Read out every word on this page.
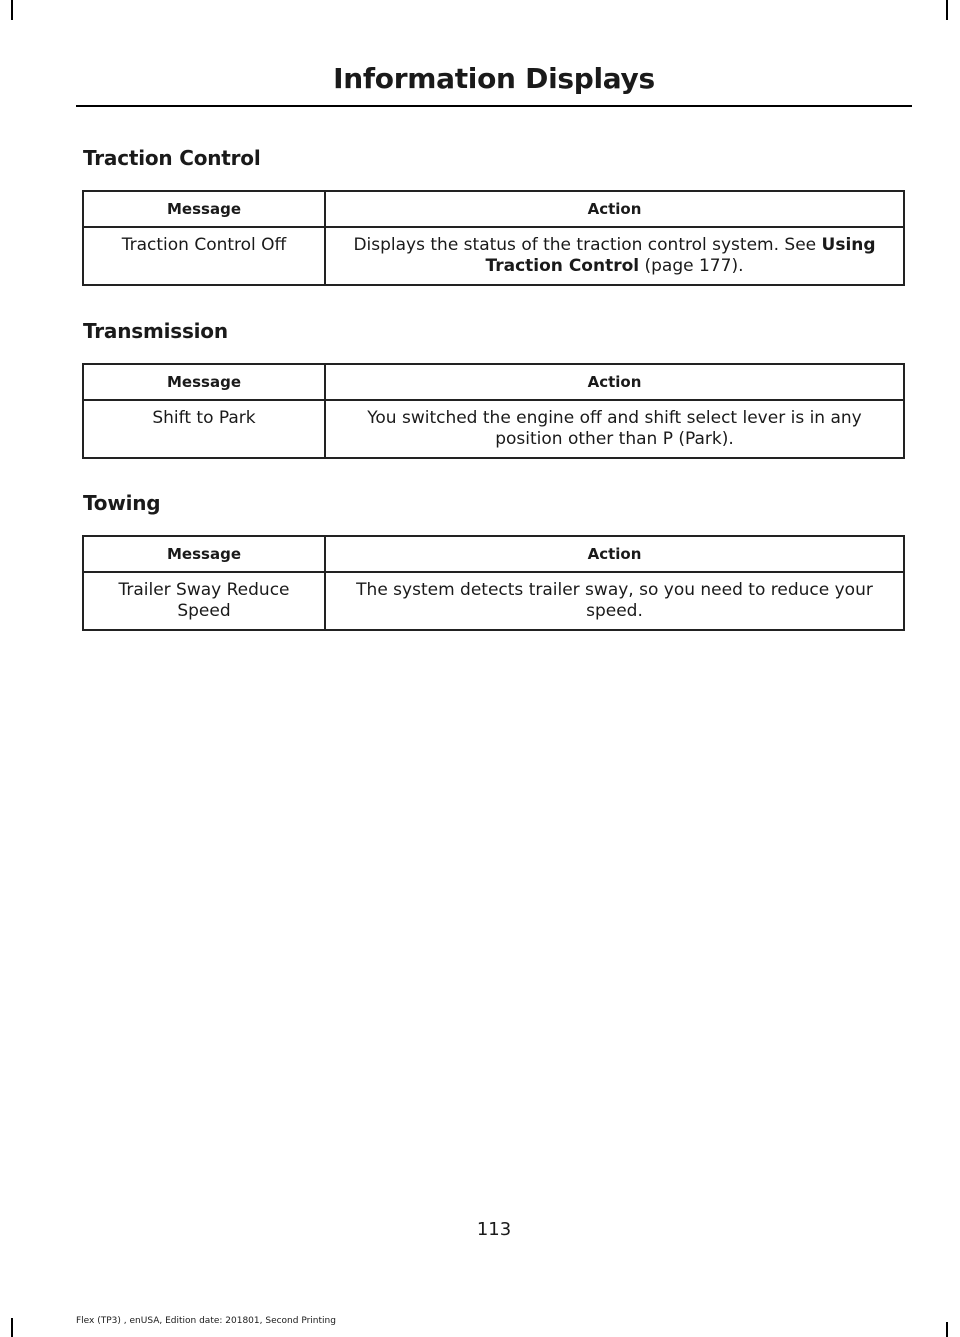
Information Displays
Traction Control
Message	Action
Traction Control Off	Displays the status of the traction control system. See Using Traction Control (page 177).
Transmission
Message	Action
Shift to Park	You switched the engine off and shift select lever is in any position other than P (Park).
Towing
Message	Action
Trailer Sway Reduce Speed	The system detects trailer sway, so you need to reduce your speed.
113
Flex (TP3) , enUSA, Edition date: 201801, Second Printing
